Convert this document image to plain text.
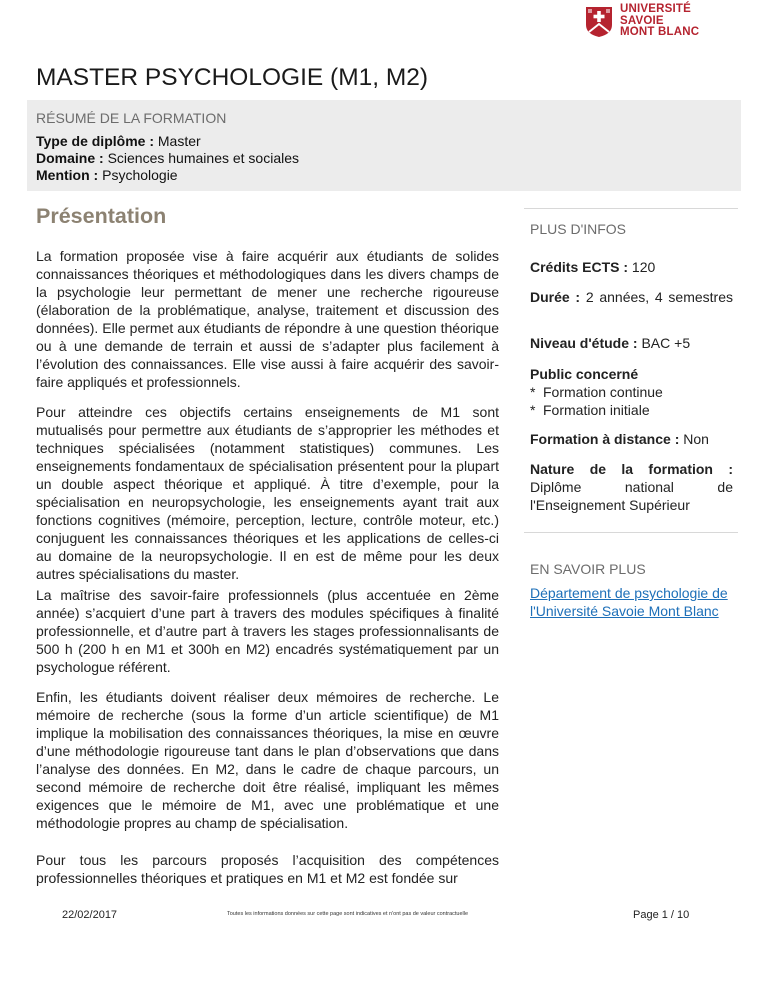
UNIVERSITÉ
SAVOIE
MONT BLANC
MASTER PSYCHOLOGIE (M1, M2)
RÉSUMÉ DE LA FORMATION
Type de diplôme : Master
Domaine : Sciences humaines et sociales
Mention : Psychologie
Présentation

La formation proposée vise à faire acquérir aux étudiants de solides connaissances théoriques et méthodologiques dans les divers champs de la psychologie leur permettant de mener une recherche rigoureuse (élaboration de la problématique, analyse, traitement et discussion des données). Elle permet aux étudiants de répondre à une question théorique ou à une demande de terrain et aussi de s’adapter plus facilement à l’évolution des connaissances. Elle vise aussi à faire acquérir des savoir-faire appliqués et professionnels.

Pour atteindre ces objectifs certains enseignements de M1 sont mutualisés pour permettre aux étudiants de s’approprier les méthodes et techniques spécialisées (notamment statistiques) communes. Les enseignements fondamentaux de spécialisation présentent pour la plupart un double aspect théorique et appliqué. À titre d’exemple, pour la spécialisation en neuropsychologie, les enseignements ayant trait aux fonctions cognitives (mémoire, perception, lecture, contrôle moteur, etc.) conjuguent les connaissances théoriques et les applications de celles-ci au domaine de la neuropsychologie. Il en est de même pour les deux autres spécialisations du master.

La maîtrise des savoir-faire professionnels (plus accentuée en 2ème année) s’acquiert d’une part à travers des modules spécifiques à finalité professionnelle, et d’autre part à travers les stages professionnalisants de 500 h (200 h en M1 et 300h en M2) encadrés systématiquement par un psychologue référent.

Enfin, les étudiants doivent réaliser deux mémoires de recherche. Le mémoire de recherche (sous la forme d’un article scientifique) de M1 implique la mobilisation des connaissances théoriques, la mise en œuvre d’une méthodologie rigoureuse tant dans le plan d’observations que dans l’analyse des données. En M2, dans le cadre de chaque parcours, un second mémoire de recherche doit être réalisé, impliquant les mêmes exigences que le mémoire de M1, avec une problématique et une méthodologie propres au champ de spécialisation.

Pour tous les parcours proposés l’acquisition des compétences professionnelles théoriques et pratiques en M1 et M2 est fondée sur

PLUS D'INFOS
Crédits ECTS : 120
Durée : 2 années, 4 semestres
Niveau d'étude : BAC +5
Public concerné
* Formation continue
* Formation initiale
Formation à distance : Non
Nature de la formation : Diplôme national de l'Enseignement Supérieur
EN SAVOIR PLUS
Département de psychologie de l'Université Savoie Mont Blanc
22/02/2017	Toutes les informations données sur cette page sont indicatives et n'ont pas de valeur contractuelle	Page 1 / 10
